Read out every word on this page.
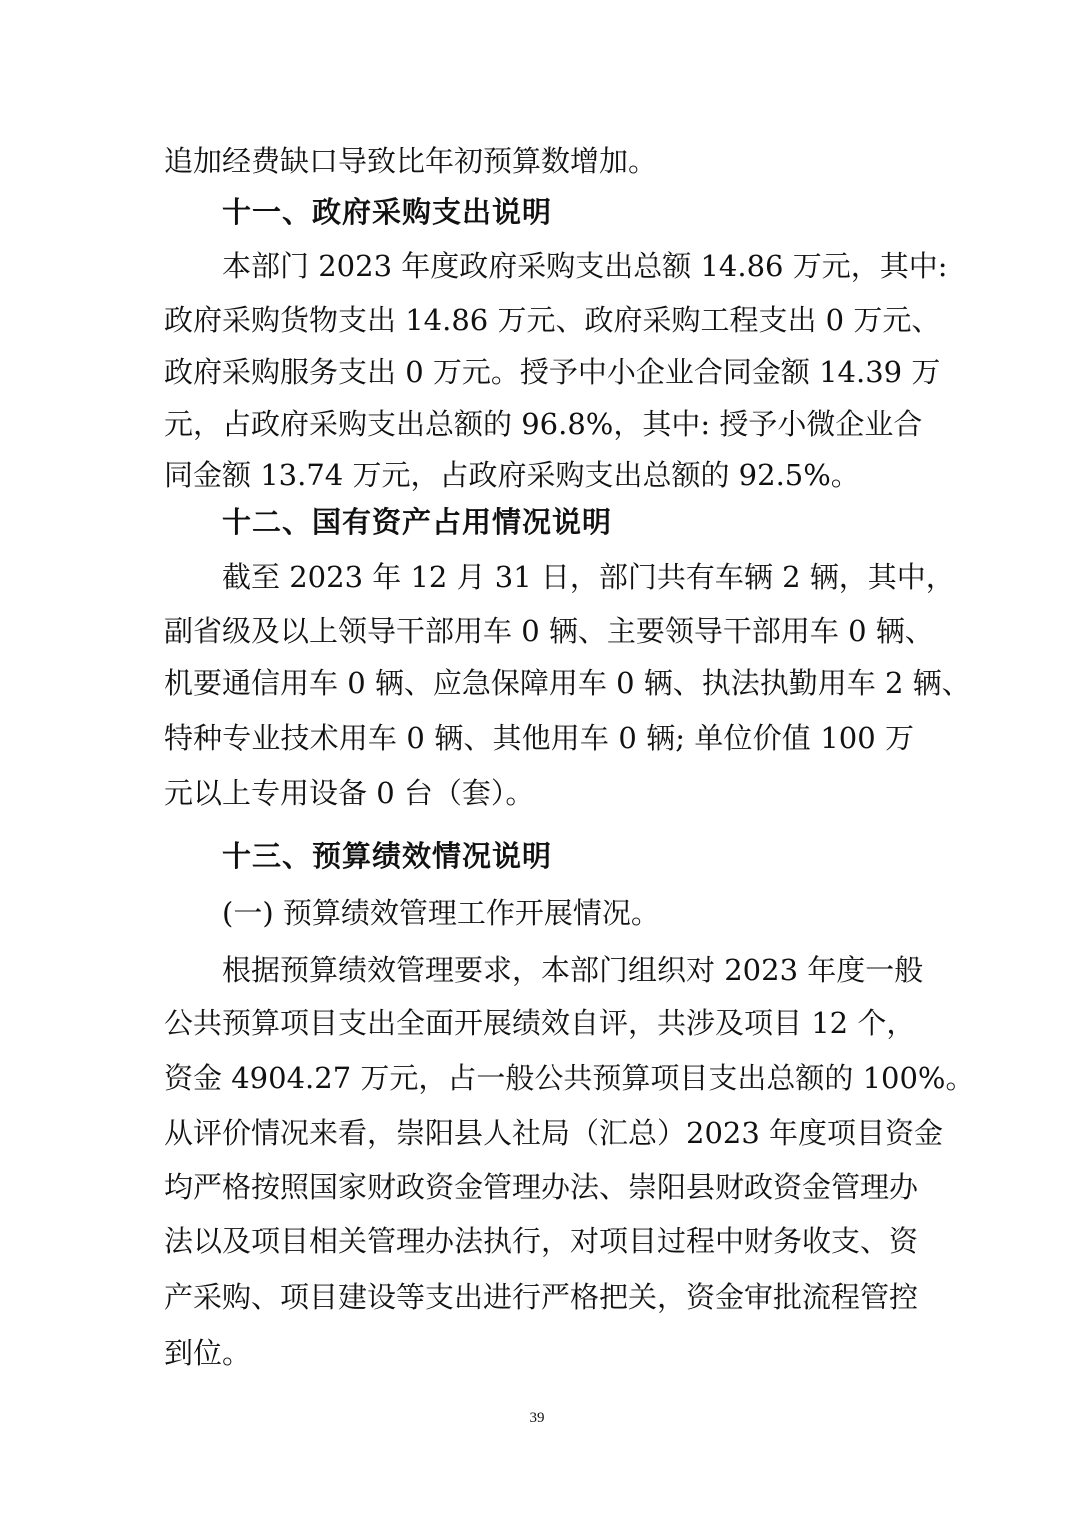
追加经费缺口导致比年初预算数增加。
十一、政府采购支出说明
本部门 2023 年度政府采购支出总额 14.86 万元，其中:
政府采购货物支出 14.86 万元、政府采购工程支出 0 万元、
政府采购服务支出 0 万元。授予中小企业合同金额 14.39 万
元，占政府采购支出总额的 96.8%，其中: 授予小微企业合
同金额 13.74 万元，占政府采购支出总额的 92.5%。
十二、国有资产占用情况说明
截至 2023 年 12 月 31 日，部门共有车辆 2 辆，其中，
副省级及以上领导干部用车 0 辆、主要领导干部用车 0 辆、
机要通信用车 0 辆、应急保障用车 0 辆、执法执勤用车 2 辆、
特种专业技术用车 0 辆、其他用车 0 辆; 单位价值 100 万
元以上专用设备 0 台（套）。
十三、预算绩效情况说明
(一) 预算绩效管理工作开展情况。
根据预算绩效管理要求，本部门组织对 2023 年度一般
公共预算项目支出全面开展绩效自评，共涉及项目 12 个，
资金 4904.27 万元，占一般公共预算项目支出总额的 100%。
从评价情况来看，崇阳县人社局（汇总）2023 年度项目资金
均严格按照国家财政资金管理办法、崇阳县财政资金管理办
法以及项目相关管理办法执行，对项目过程中财务收支、资
产采购、项目建设等支出进行严格把关，资金审批流程管控
到位。
39
